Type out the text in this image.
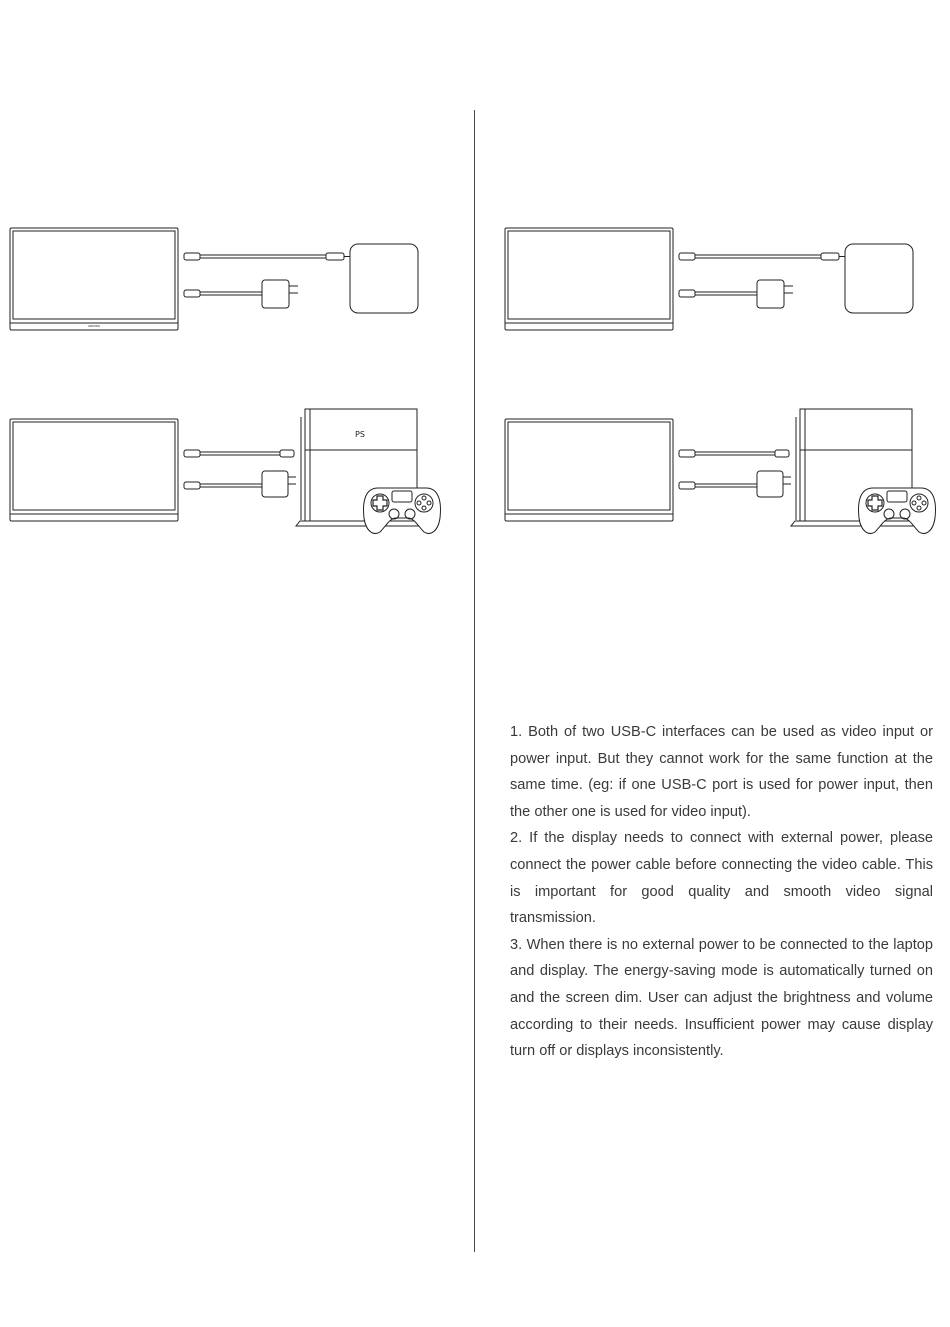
ARZOPA
PS

1. Both of two USB-C interfaces can be used as video input or power input. But they cannot work for the same function at the same time. (eg: if one USB-C port is used for power input, then the other one is used for video input).

2. If the display needs to connect with external power, please connect the power cable before connecting the video cable. This is important for good quality and smooth video signal transmission.

3. When there is no external power to be connected to the laptop and display. The energy-saving mode is automatically turned on and the screen dim. User can adjust the brightness and volume according to their needs. Insufficient power may cause display turn off or displays inconsistently.
